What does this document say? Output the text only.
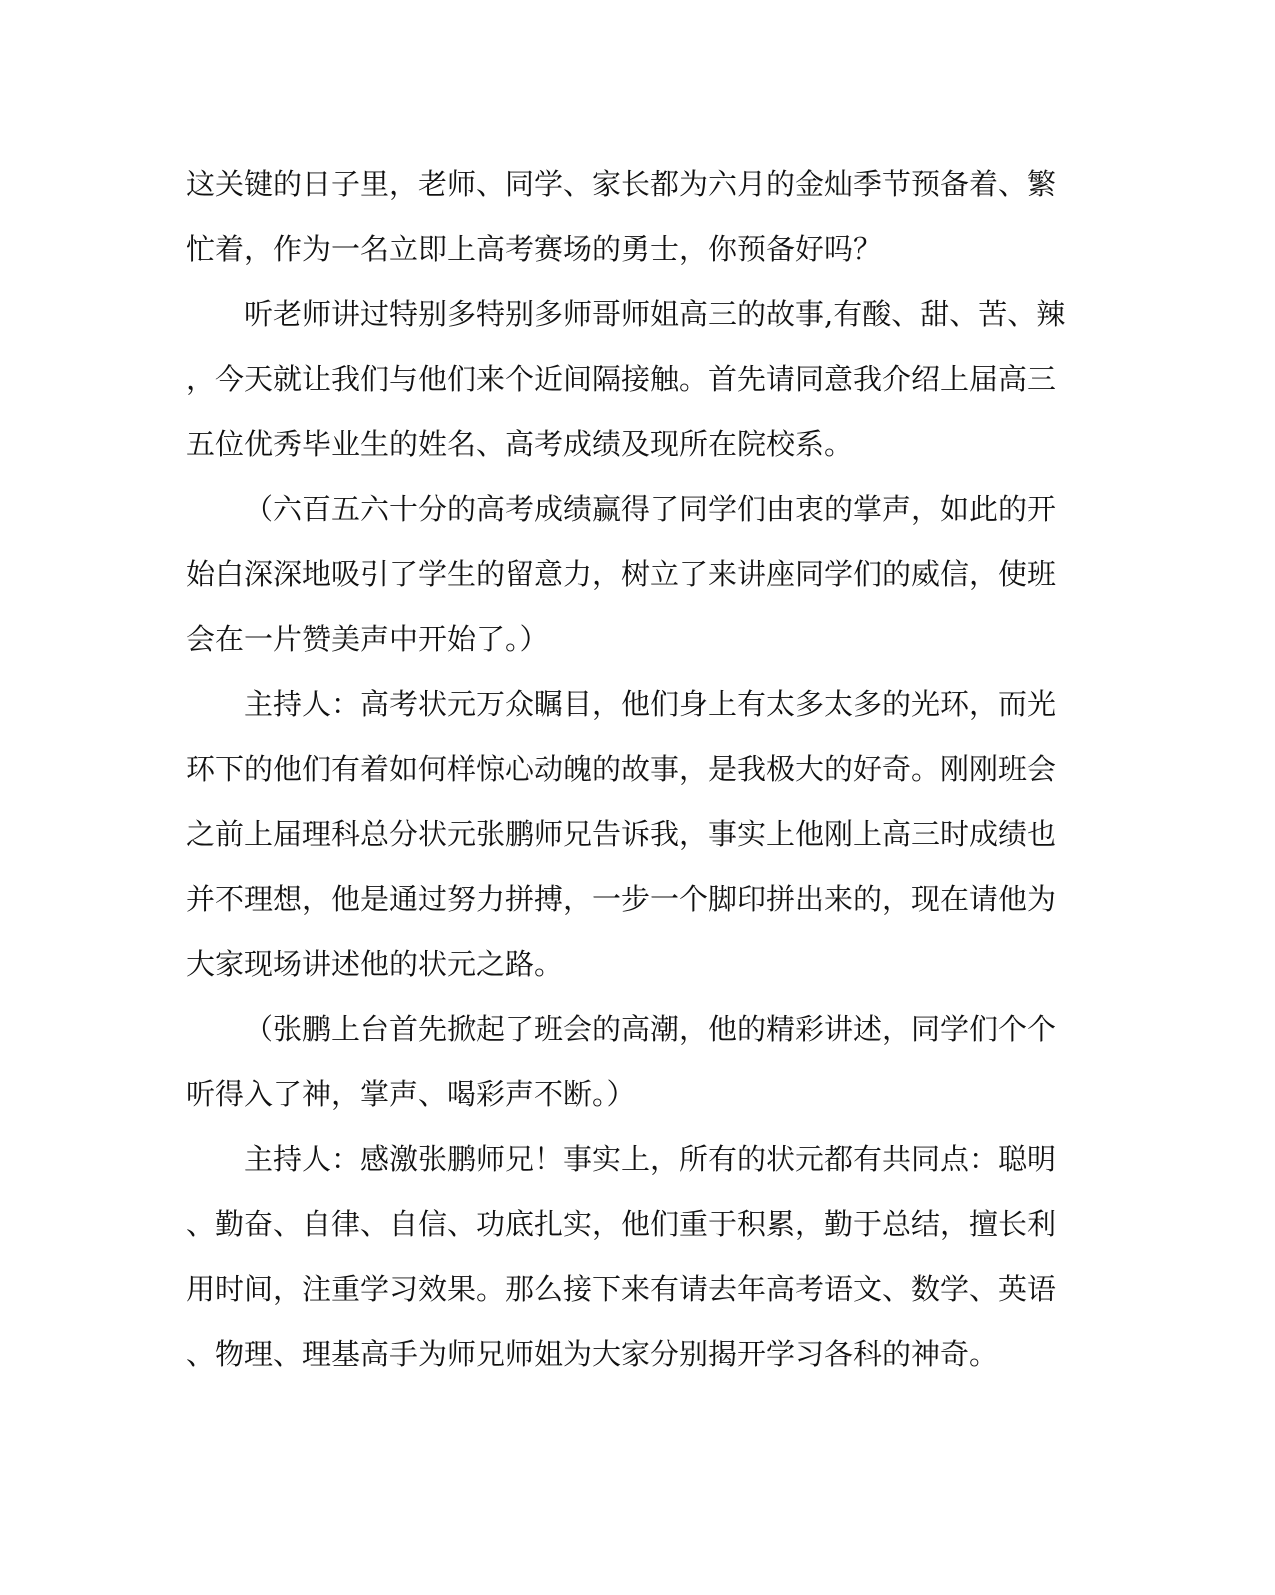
这关键的日子里，老师、同学、家长都为六月的金灿季节预备着、繁
忙着，作为一名立即上高考赛场的勇士，你预备好吗？
听老师讲过特别多特别多师哥师姐高三的故事,有酸、甜、苦、辣
，今天就让我们与他们来个近间隔接触。首先请同意我介绍上届高三
五位优秀毕业生的姓名、高考成绩及现所在院校系。
（六百五六十分的高考成绩赢得了同学们由衷的掌声，如此的开
始白深深地吸引了学生的留意力，树立了来讲座同学们的威信，使班
会在一片赞美声中开始了。）
主持人：高考状元万众瞩目，他们身上有太多太多的光环，而光
环下的他们有着如何样惊心动魄的故事，是我极大的好奇。刚刚班会
之前上届理科总分状元张鹏师兄告诉我，事实上他刚上高三时成绩也
并不理想，他是通过努力拼搏，一步一个脚印拼出来的，现在请他为
大家现场讲述他的状元之路。
（张鹏上台首先掀起了班会的高潮，他的精彩讲述，同学们个个
听得入了神，掌声、喝彩声不断。）
主持人：感激张鹏师兄！事实上，所有的状元都有共同点：聪明
、勤奋、自律、自信、功底扎实，他们重于积累，勤于总结，擅长利
用时间，注重学习效果。那么接下来有请去年高考语文、数学、英语
、物理、理基高手为师兄师姐为大家分别揭开学习各科的神奇。
